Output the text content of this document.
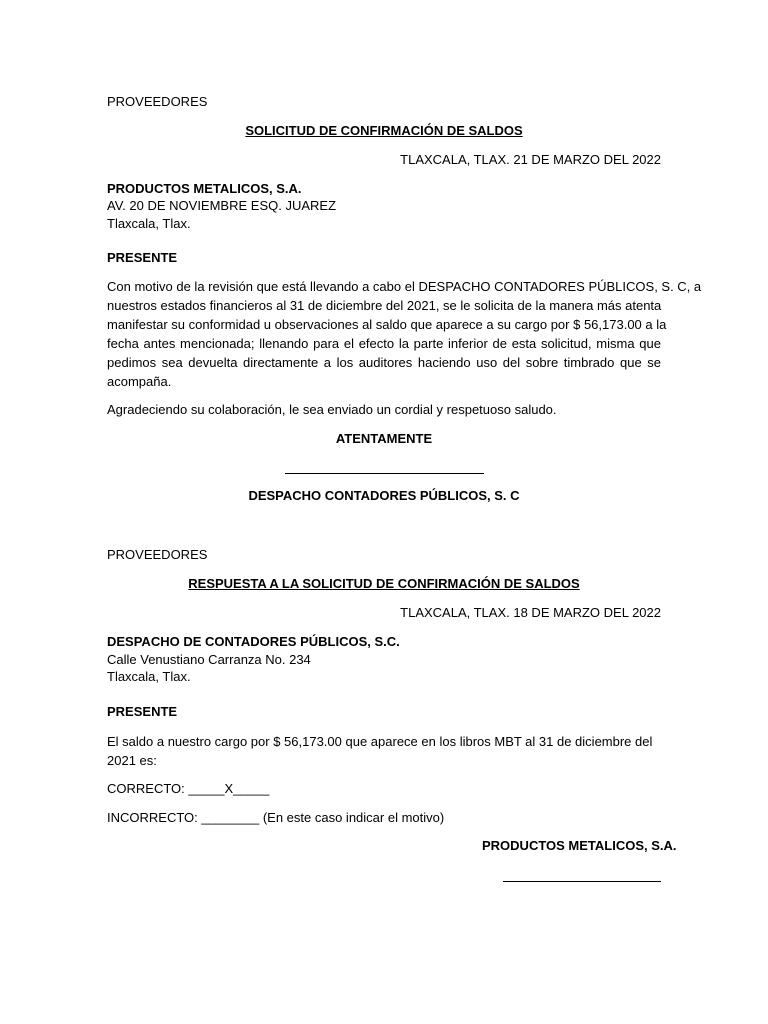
PROVEEDORES
SOLICITUD DE CONFIRMACIÓN DE SALDOS
TLAXCALA, TLAX. 21 DE MARZO DEL 2022
PRODUCTOS METALICOS, S.A.
AV. 20 DE NOVIEMBRE ESQ. JUAREZ
Tlaxcala, Tlax.
PRESENTE
Con motivo de la revisión que está llevando a cabo el DESPACHO CONTADORES PÚBLICOS, S. C, a
nuestros estados financieros al 31 de diciembre del 2021, se le solicita de la manera más atenta
manifestar su conformidad u observaciones al saldo que aparece a su cargo por $ 56,173.00 a la
fecha antes mencionada; llenando para el efecto la parte inferior de esta solicitud, misma que
pedimos sea devuelta directamente a los auditores haciendo uso del sobre timbrado que se
acompaña.
Agradeciendo su colaboración, le sea enviado un cordial y respetuoso saludo.
ATENTAMENTE
DESPACHO CONTADORES PÚBLICOS, S. C
PROVEEDORES
RESPUESTA A LA SOLICITUD DE CONFIRMACIÓN DE SALDOS
TLAXCALA, TLAX. 18 DE MARZO DEL 2022
DESPACHO DE CONTADORES PÚBLICOS, S.C.
Calle Venustiano Carranza No. 234
Tlaxcala, Tlax.
PRESENTE
El saldo a nuestro cargo por $ 56,173.00 que aparece en los libros MBT al 31 de diciembre del
2021 es:
CORRECTO: _____X_____
INCORRECTO: ________ (En este caso indicar el motivo)
PRODUCTOS METALICOS, S.A.
